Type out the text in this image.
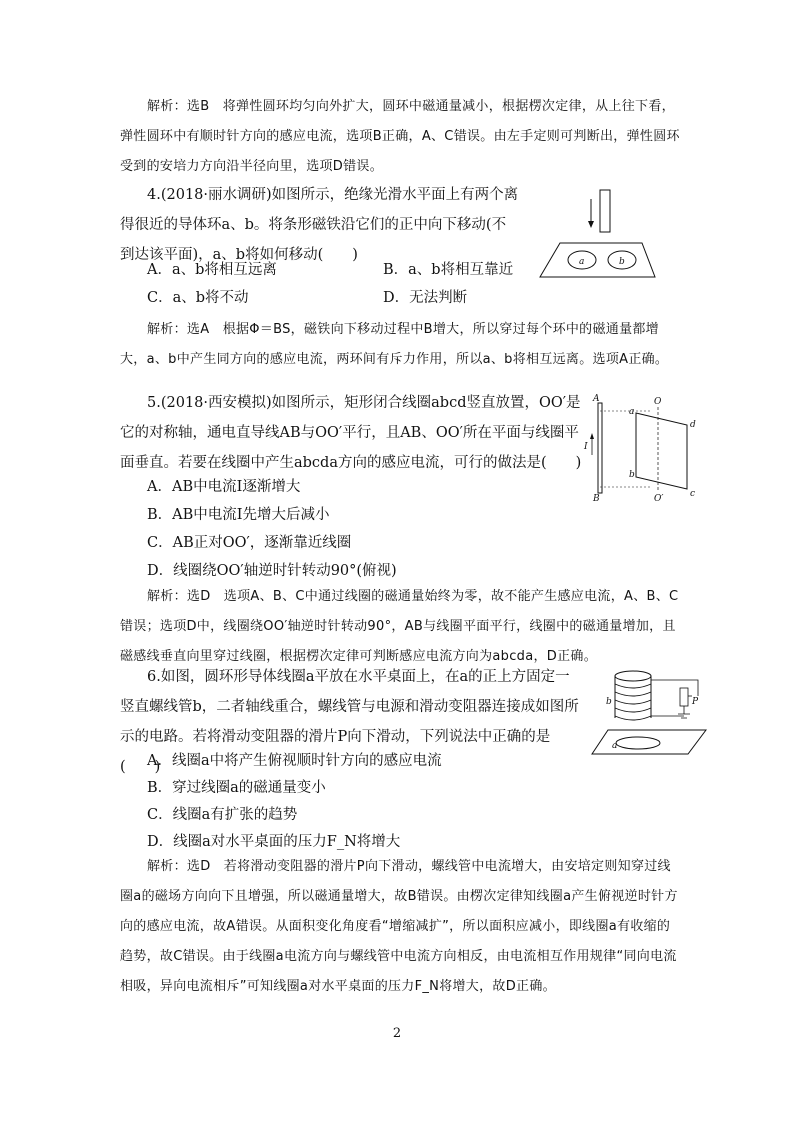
解析：选B　将弹性圆环均匀向外扩大，圆环中磁通量减小，根据楞次定律，从上往下看，弹性圆环中有顺时针方向的感应电流，选项B正确，A、C错误。由左手定则可判断出，弹性圆环受到的安培力方向沿半径向里，选项D错误。
4.(2018·丽水调研)如图所示，绝缘光滑水平面上有两个离得很近的导体环a、b。将条形磁铁沿它们的正中向下移动(不到达该平面)，a、b将如何移动(　　)
A．a、b将相互远离	B．a、b将相互靠近
C．a、b将不动	D．无法判断
a	b
解析：选A　根据Φ＝BS，磁铁向下移动过程中B增大，所以穿过每个环中的磁通量都增大，a、b中产生同方向的感应电流，两环间有斥力作用，所以a、b将相互远离。选项A正确。
5.(2018·西安模拟)如图所示，矩形闭合线圈abcd竖直放置，OO′是它的对称轴，通电直导线AB与OO′平行，且AB、OO′所在平面与线圈平面垂直。若要在线圈中产生abcda方向的感应电流，可行的做法是(　　)
A．AB中电流I逐渐增大
B．AB中电流I先增大后减小
C．AB正对OO′，逐渐靠近线圈
D．线圈绕OO′轴逆时针转动90°(俯视)
A
B
I
a
b
c
d
O
O′
解析：选D　选项A、B、C中通过线圈的磁通量始终为零，故不能产生感应电流，A、B、C错误；选项D中，线圈绕OO′轴逆时针转动90°，AB与线圈平面平行，线圈中的磁通量增加，且磁感线垂直向里穿过线圈，根据楞次定律可判断感应电流方向为abcda，D正确。
6.如图，圆环形导体线圈a平放在水平桌面上，在a的正上方固定一竖直螺线管b，二者轴线重合，螺线管与电源和滑动变阻器连接成如图所示的电路。若将滑动变阻器的滑片P向下滑动，下列说法中正确的是(　　)
A．线圈a中将产生俯视顺时针方向的感应电流
B．穿过线圈a的磁通量变小
C．线圈a有扩张的趋势
D．线圈a对水平桌面的压力F_N将增大
b	P
a
解析：选D　若将滑动变阻器的滑片P向下滑动，螺线管中电流增大，由安培定则知穿过线圈a的磁场方向向下且增强，所以磁通量增大，故B错误。由楞次定律知线圈a产生俯视逆时针方向的感应电流，故A错误。从面积变化角度看“增缩减扩”，所以面积应减小，即线圈a有收缩的趋势，故C错误。由于线圈a电流方向与螺线管中电流方向相反，由电流相互作用规律“同向电流相吸，异向电流相斥”可知线圈a对水平桌面的压力F_N将增大，故D正确。
2
